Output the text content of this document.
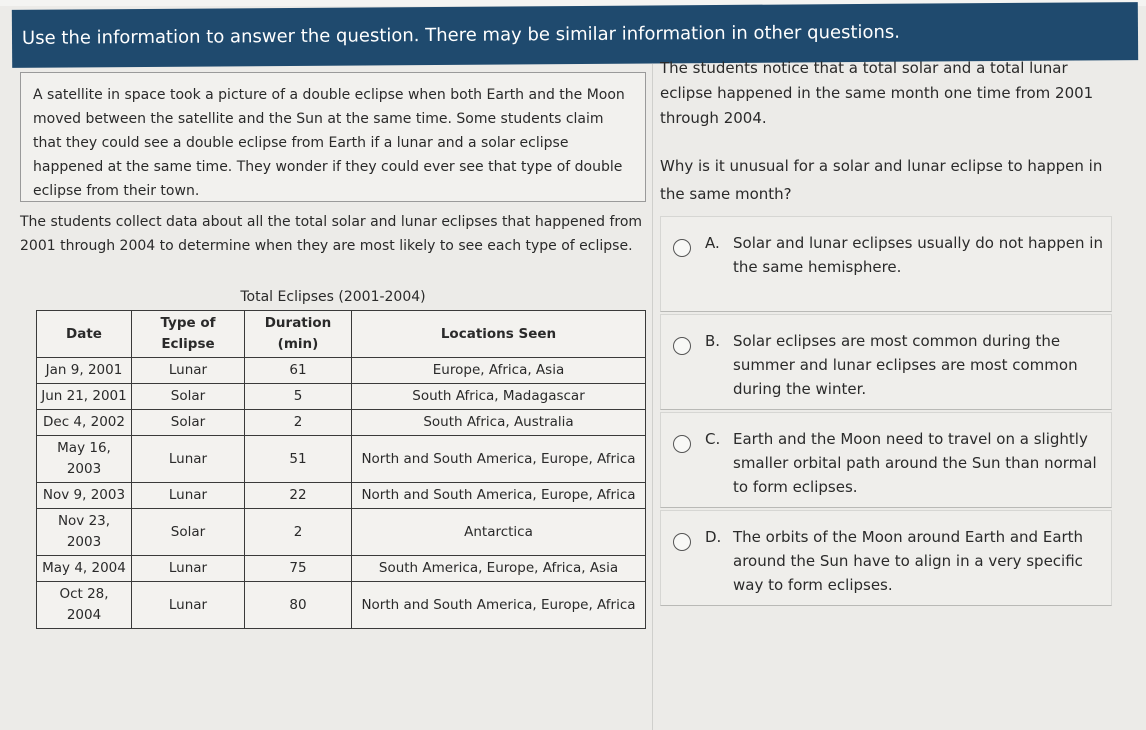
Use the information to answer the question. There may be similar information in other questions.
A satellite in space took a picture of a double eclipse when both Earth and the Moon moved between the satellite and the Sun at the same time. Some students claim that they could see a double eclipse from Earth if a lunar and a solar eclipse happened at the same time. They wonder if they could ever see that type of double eclipse from their town.
The students collect data about all the total solar and lunar eclipses that happened from 2001 through 2004 to determine when they are most likely to see each type of eclipse.
Total Eclipses (2001-2004)
Date	Type of Eclipse	Duration (min)	Locations Seen
Jan 9, 2001	Lunar	61	Europe, Africa, Asia
Jun 21, 2001	Solar	5	South Africa, Madagascar
Dec 4, 2002	Solar	2	South Africa, Australia
May 16, 2003	Lunar	51	North and South America, Europe, Africa
Nov 9, 2003	Lunar	22	North and South America, Europe, Africa
Nov 23, 2003	Solar	2	Antarctica
May 4, 2004	Lunar	75	South America, Europe, Africa, Asia
Oct 28, 2004	Lunar	80	North and South America, Europe, Africa
The students notice that a total solar and a total lunar eclipse happened in the same month one time from 2001 through 2004.
Why is it unusual for a solar and lunar eclipse to happen in the same month?
A. Solar and lunar eclipses usually do not happen in the same hemisphere.
B. Solar eclipses are most common during the summer and lunar eclipses are most common during the winter.
C. Earth and the Moon need to travel on a slightly smaller orbital path around the Sun than normal to form eclipses.
D. The orbits of the Moon around Earth and Earth around the Sun have to align in a very specific way to form eclipses.
